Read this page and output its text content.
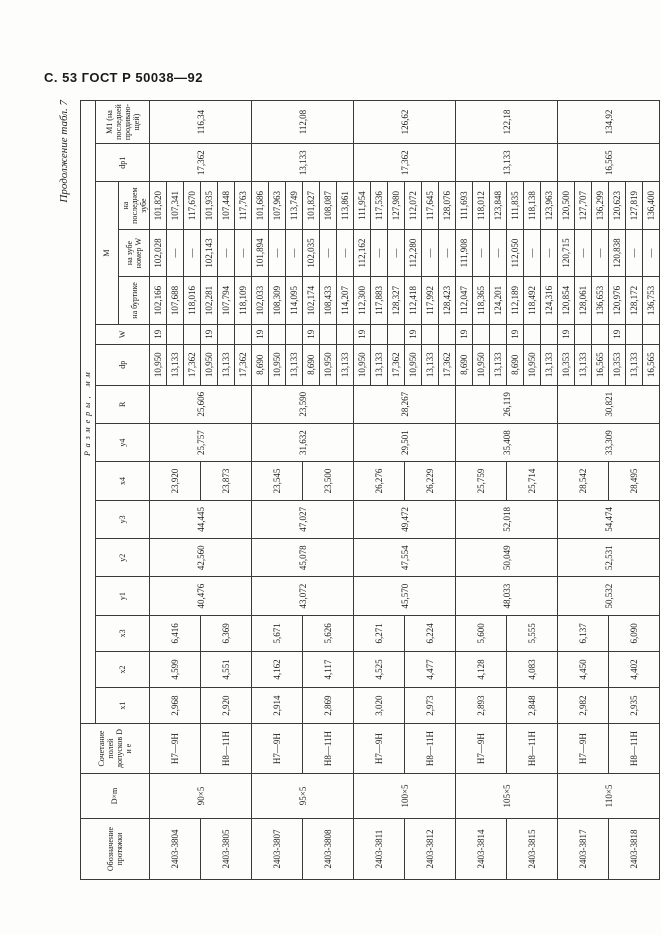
С. 53 ГОСТ Р 50038—92
Продолжение табл. 7
Обозначение протяжки	D×m	Сочетание полей допусков D и e	Размеры, мм															
			x1	x2	x3	y1	y2	y3	x4	y4	R	dp	W	M			dp1	M1 (на последней продивающей)
														на буртике	на зубе номер W	на последнем зубе		
2403-3804	90×5	H7—9H	2,968	4,599	6,416	40,476	42,560	44,445	23,920	25,757	25,606	10,950	19	102,166	102,028	101,820	17,362	116,34
												13,133		107,688	—	107,341		
												17,362		118,016	—	117,670		
2403-3805		H8—11H	2,920	4,551	6,369				23,873			10,950	19	102,281	102,143	101,935		
												13,133		107,794	—	107,448		
												17,362		118,109	—	117,763		
2403-3807	95×5	H7—9H	2,914	4,162	5,671	43,072	45,078	47,027	23,545	31,632	23,590	8,690	19	102,033	101,894	101,686	13,133	112,08
												10,950		108,309	—	107,963		
												13,133		114,095	—	113,749		
2403-3808		H8—11H	2,869	4,117	5,626				23,500			8,690	19	102,174	102,035	101,827		
												10,950		108,433	—	108,087		
												13,133		114,207	—	113,861		
2403-3811	100×5	H7—9H	3,020	4,525	6,271	45,570	47,554	49,472	26,276	29,501	28,267	10,950	19	112,300	112,162	111,954	17,362	126,62
												13,133		117,883	—	117,536		
												17,362		128,327	—	127,980		
2403-3812		H8—11H	2,973	4,477	6,224				26,229			10,950	19	112,418	112,280	112,072		
												13,133		117,992	—	117,645		
												17,362		128,423	—	128,076		
2403-3814	105×5	H7—9H	2,893	4,128	5,600	48,033	50,049	52,018	25,759	35,408	26,119	8,690	19	112,047	111,908	111,693	13,133	122,18
												10,950		118,365	—	118,012		
												13,133		124,201	—	123,848		
2403-3815		H8—11H	2,848	4,083	5,555				25,714			8,690	19	112,189	112,050	111,835		
												10,950		118,492	—	118,138		
												13,133		124,316	—	123,963		
2403-3817	110×5	H7—9H	2,982	4,450	6,137	50,532	52,531	54,474	28,542	33,309	30,821	10,353	19	120,854	120,715	120,500	16,565	134,92
												13,133		128,061	—	127,707		
												16,565		136,653	—	136,299		
2403-3818		H8—11H	2,935	4,402	6,090				28,495			10,353	19	120,976	120,838	120,623		
												13,133		128,172	—	127,819		
												16,565		136,753	—	136,400		
